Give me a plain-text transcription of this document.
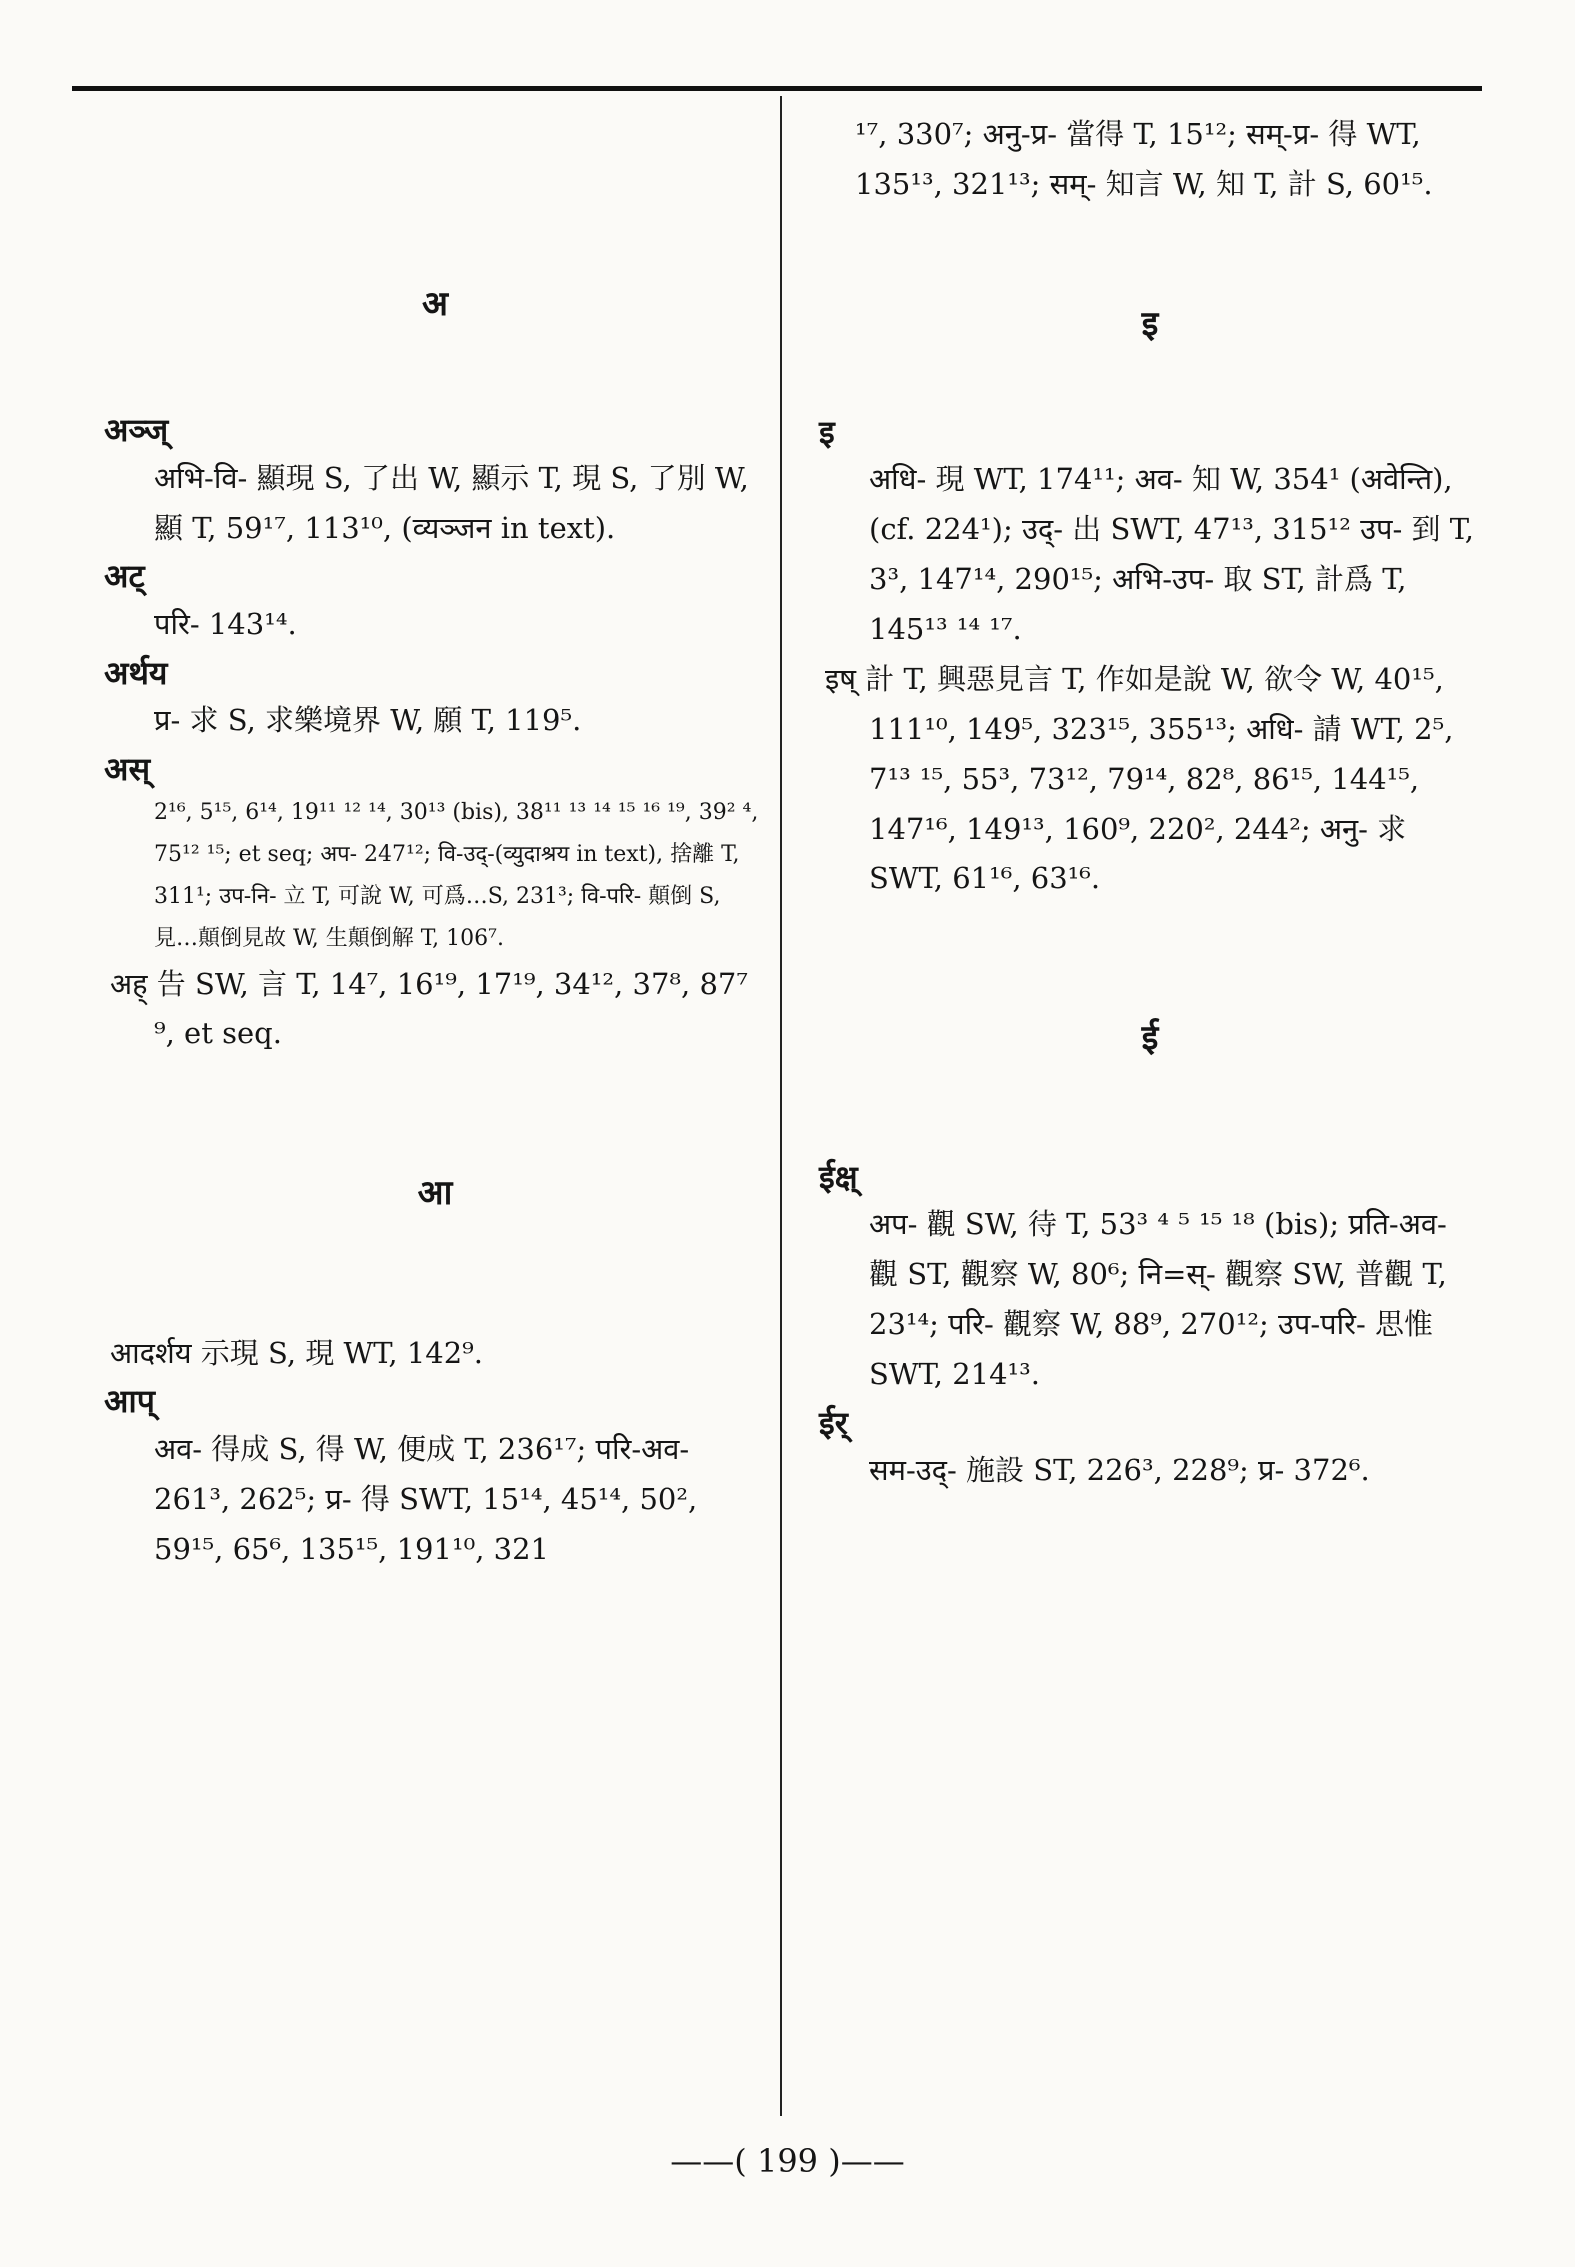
अ

अञ्ज्

अभि-वि- 顯現 S, 了出 W, 顯示 T, 現 S, 了別 W, 顯 T, 59¹⁷, 113¹⁰, (व्यञ्जन in text).

अट्

परि- 143¹⁴.

अर्थय

प्र- 求 S, 求樂境界 W, 願 T, 119⁵.

अस्

2¹⁶, 5¹⁵, 6¹⁴, 19¹¹ ¹² ¹⁴, 30¹³ (bis), 38¹¹ ¹³ ¹⁴ ¹⁵ ¹⁶ ¹⁹, 39² ⁴, 75¹² ¹⁵; et seq; अप- 247¹²; वि-उद्-(व्युदाश्रय in text), 捨離 T, 311¹; उप-नि- 立 T, 可說 W, 可爲…S, 231³; वि-परि- 顛倒 S, 見…顛倒見故 W, 生顛倒解 T, 106⁷.

अह् 告 SW, 言 T, 14⁷, 16¹⁹, 17¹⁹, 34¹², 37⁸, 87⁷ ⁹, et seq.

आ

आदर्शय 示現 S, 現 WT, 142⁹.

आप्

अव- 得成 S, 得 W, 便成 T, 236¹⁷; परि-अव- 261³, 262⁵; प्र- 得 SWT, 15¹⁴, 45¹⁴, 50², 59¹⁵, 65⁶, 135¹⁵, 191¹⁰, 321

¹⁷, 330⁷; अनु-प्र- 當得 T, 15¹²; सम्-प्र- 得 WT, 135¹³, 321¹³; सम्- 知言 W, 知 T, 計 S, 60¹⁵.

इ

इ

अधि- 現 WT, 174¹¹; अव- 知 W, 354¹ (अवेन्ति), (cf. 224¹); उद्- 出 SWT, 47¹³, 315¹² उप- 到 T, 3³, 147¹⁴, 290¹⁵; अभि-उप- 取 ST, 計爲 T, 145¹³ ¹⁴ ¹⁷.

इष् 計 T, 興惡見言 T, 作如是說 W, 欲令 W, 40¹⁵, 111¹⁰, 149⁵, 323¹⁵, 355¹³; अधि- 請 WT, 2⁵, 7¹³ ¹⁵, 55³, 73¹², 79¹⁴, 82⁸, 86¹⁵, 144¹⁵, 147¹⁶, 149¹³, 160⁹, 220², 244²; अनु- 求 SWT, 61¹⁶, 63¹⁶.

ई

ईक्ष्

अप- 觀 SW, 待 T, 53³ ⁴ ⁵ ¹⁵ ¹⁸ (bis); प्रति-अव- 觀 ST, 觀察 W, 80⁶; नि=स्- 觀察 SW, 普觀 T, 23¹⁴; परि- 觀察 W, 88⁹, 270¹²; उप-परि- 思惟 SWT, 214¹³.

ईर्

सम-उद्- 施設 ST, 226³, 228⁹; प्र- 372⁶.

——( 199 )——
